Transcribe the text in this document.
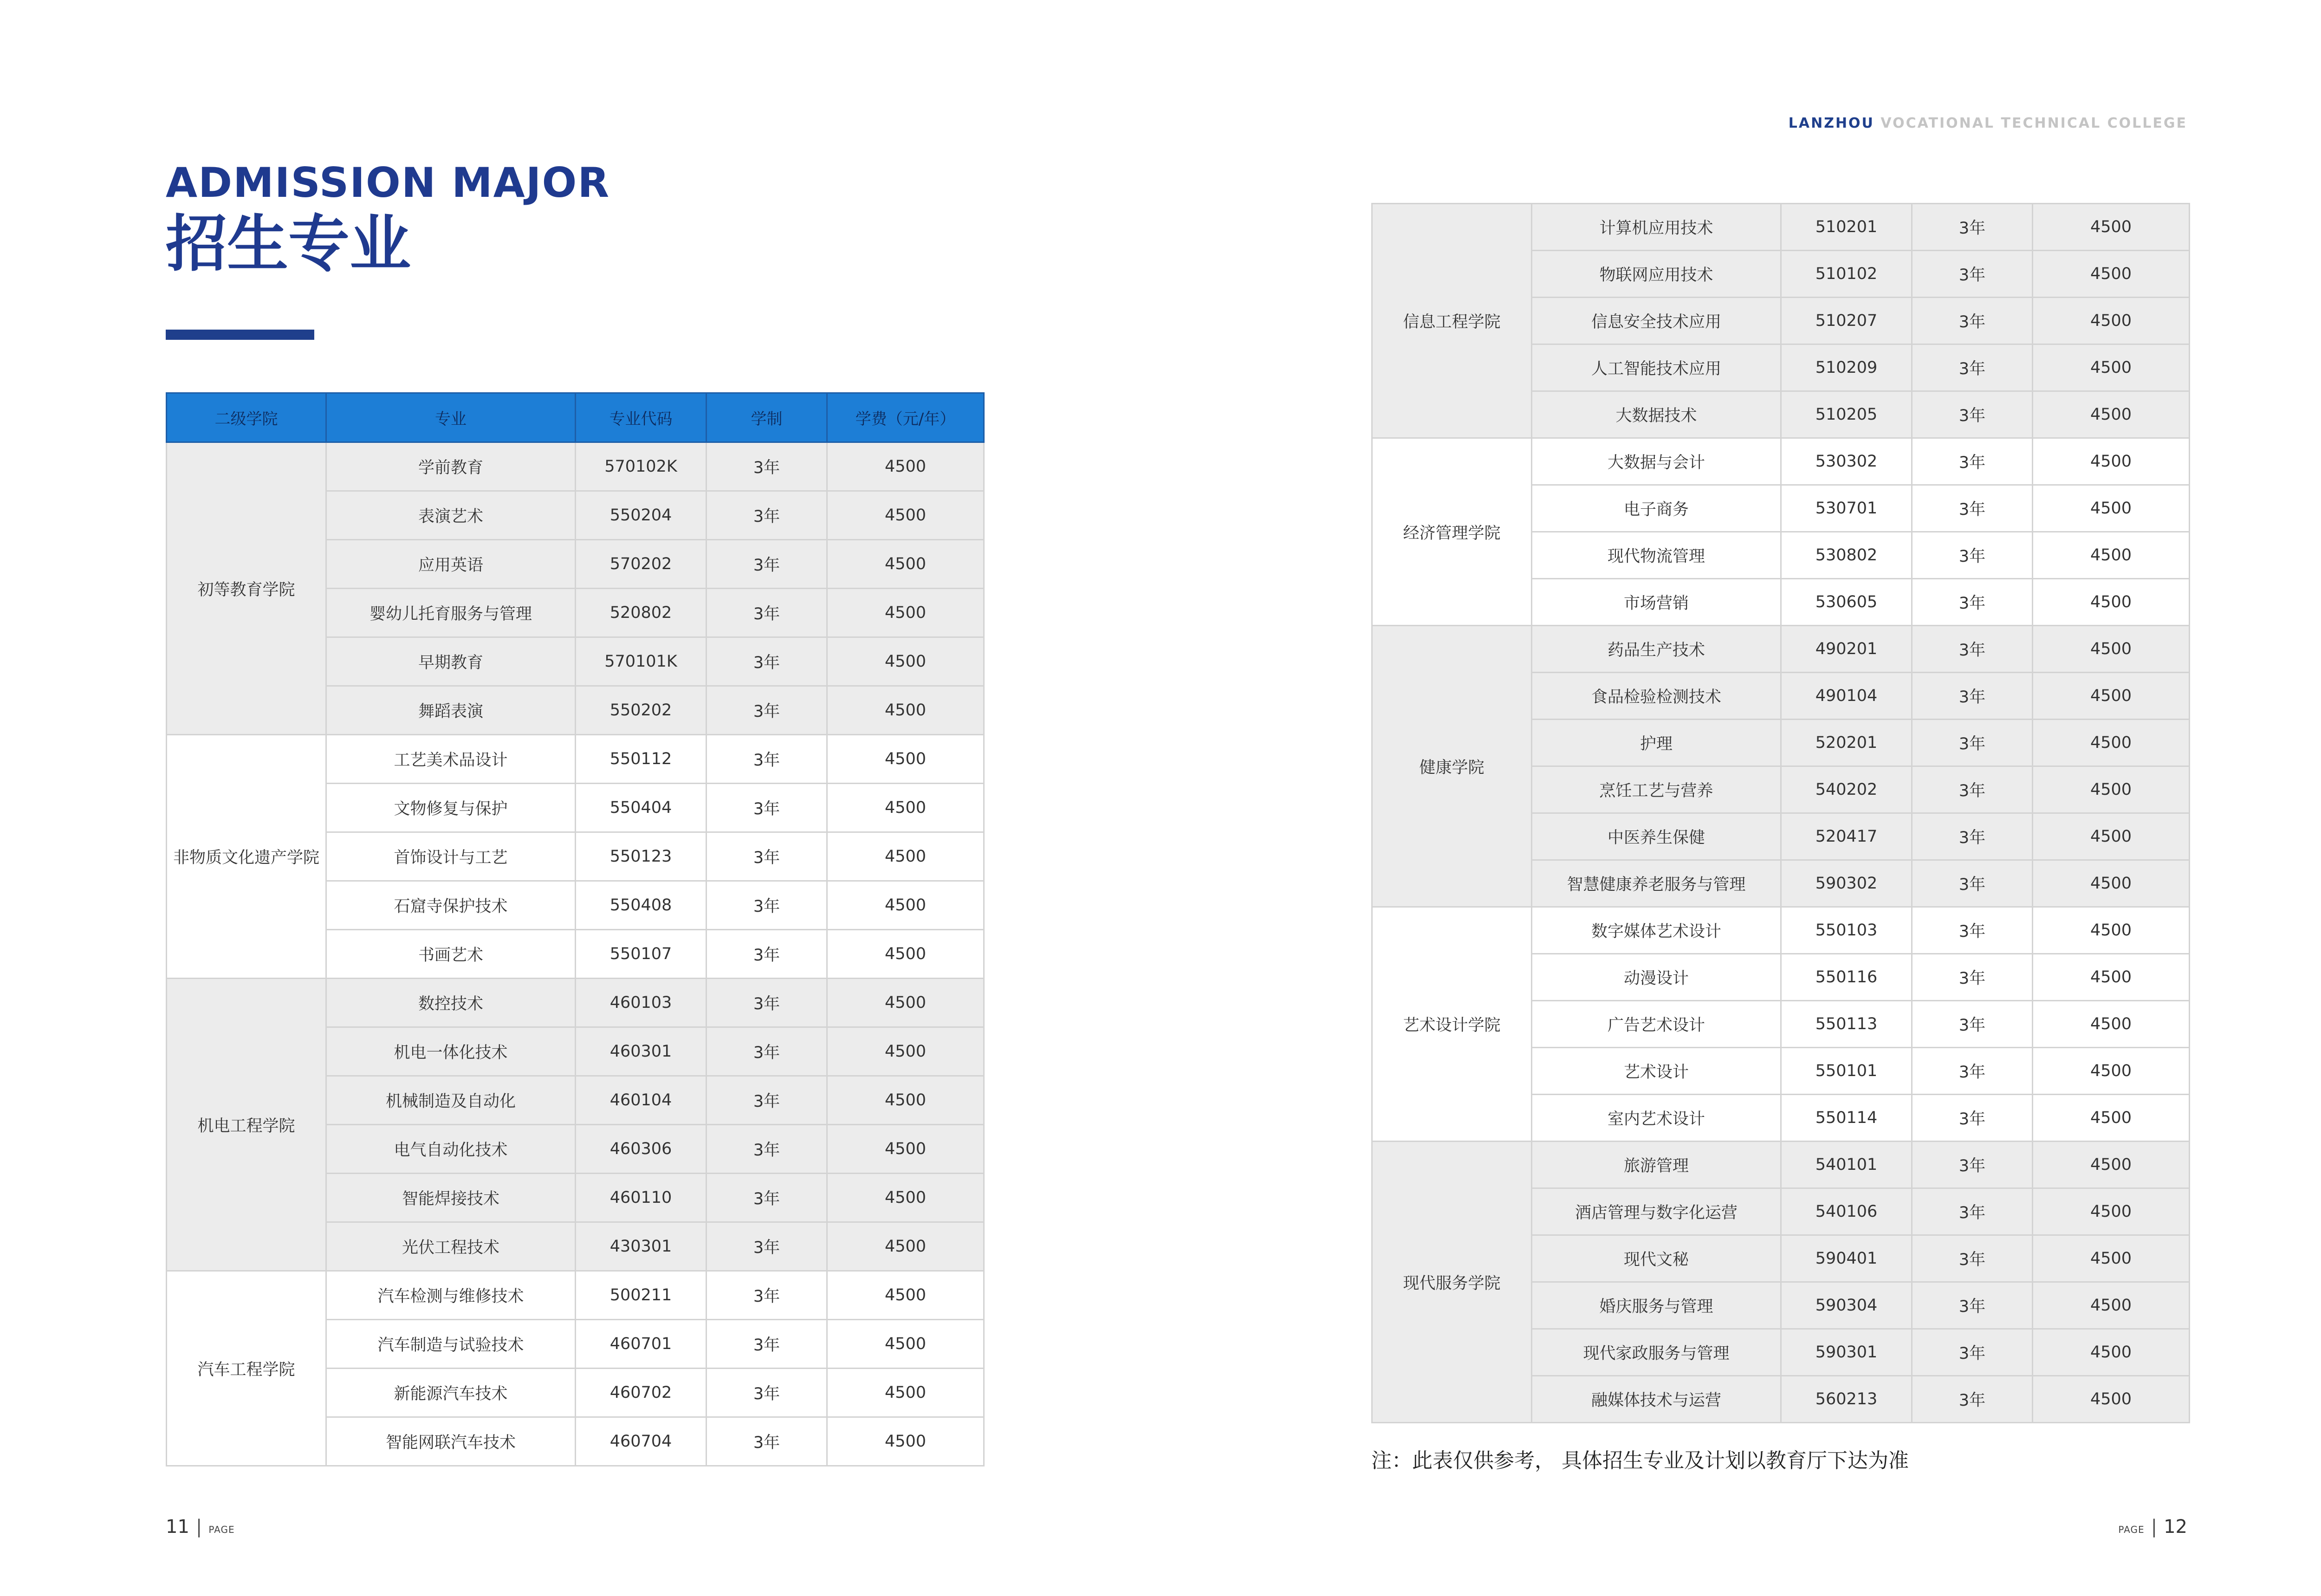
LANZHOU VOCATIONAL TECHNICAL COLLEGE
ADMISSION MAJOR
招生专业
二级学院	专业	专业代码	学制	学费（元/年）
初等教育学院	学前教育	570102K	3年	4500
	表演艺术	550204	3年	4500
	应用英语	570202	3年	4500
	婴幼儿托育服务与管理	520802	3年	4500
	早期教育	570101K	3年	4500
	舞蹈表演	550202	3年	4500
非物质文化遗产学院	工艺美术品设计	550112	3年	4500
	文物修复与保护	550404	3年	4500
	首饰设计与工艺	550123	3年	4500
	石窟寺保护技术	550408	3年	4500
	书画艺术	550107	3年	4500
机电工程学院	数控技术	460103	3年	4500
	机电一体化技术	460301	3年	4500
	机械制造及自动化	460104	3年	4500
	电气自动化技术	460306	3年	4500
	智能焊接技术	460110	3年	4500
	光伏工程技术	430301	3年	4500
汽车工程学院	汽车检测与维修技术	500211	3年	4500
	汽车制造与试验技术	460701	3年	4500
	新能源汽车技术	460702	3年	4500
	智能网联汽车技术	460704	3年	4500
信息工程学院	计算机应用技术	510201	3年	4500
	物联网应用技术	510102	3年	4500
	信息安全技术应用	510207	3年	4500
	人工智能技术应用	510209	3年	4500
	大数据技术	510205	3年	4500
经济管理学院	大数据与会计	530302	3年	4500
	电子商务	530701	3年	4500
	现代物流管理	530802	3年	4500
	市场营销	530605	3年	4500
健康学院	药品生产技术	490201	3年	4500
	食品检验检测技术	490104	3年	4500
	护理	520201	3年	4500
	烹饪工艺与营养	540202	3年	4500
	中医养生保健	520417	3年	4500
	智慧健康养老服务与管理	590302	3年	4500
艺术设计学院	数字媒体艺术设计	550103	3年	4500
	动漫设计	550116	3年	4500
	广告艺术设计	550113	3年	4500
	艺术设计	550101	3年	4500
	室内艺术设计	550114	3年	4500
现代服务学院	旅游管理	540101	3年	4500
	酒店管理与数字化运营	540106	3年	4500
	现代文秘	590401	3年	4500
	婚庆服务与管理	590304	3年	4500
	现代家政服务与管理	590301	3年	4500
	融媒体技术与运营	560213	3年	4500
注：此表仅供参考， 具体招生专业及计划以教育厅下达为准
11 | PAGE	PAGE | 12
